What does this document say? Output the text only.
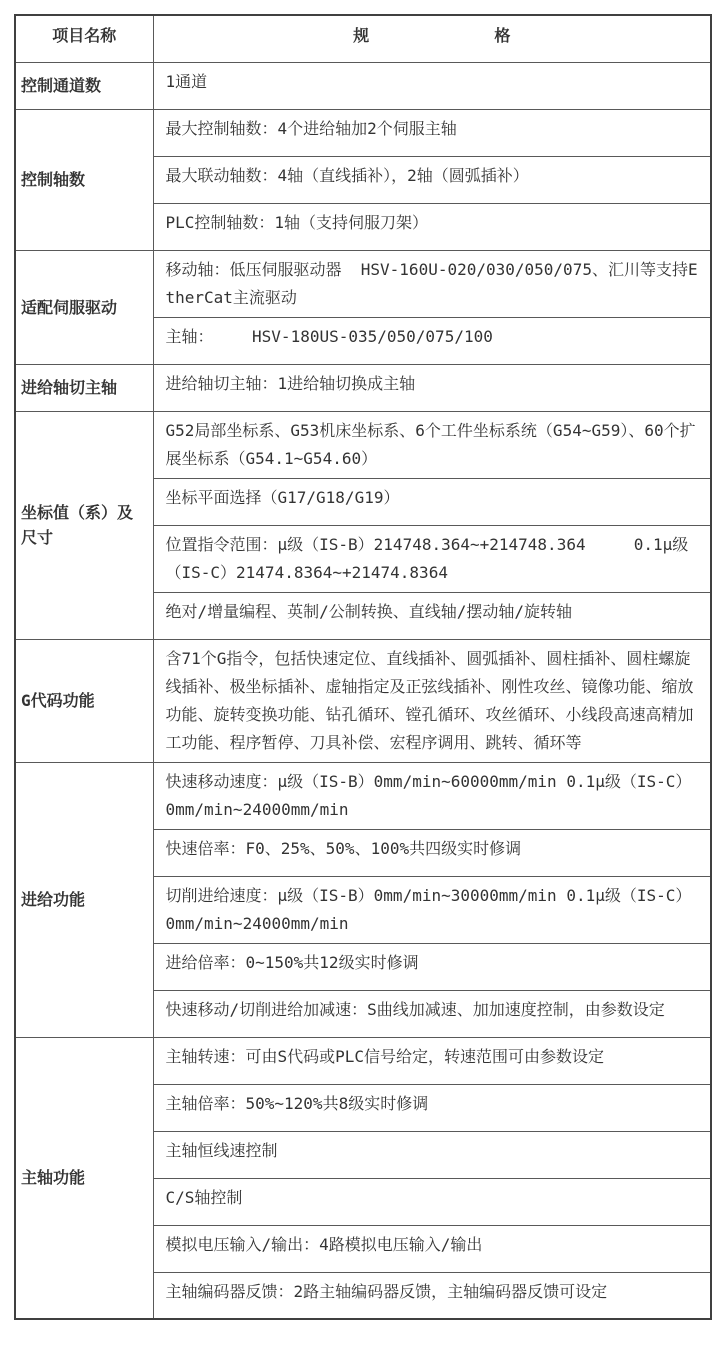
项目名称	规             格
控制通道数	1通道
控制轴数	最大控制轴数：4个进给轴加2个伺服主轴
	最大联动轴数：4轴（直线插补），2轴（圆弧插补）
	PLC控制轴数：1轴（支持伺服刀架）
适配伺服驱动	移动轴：低压伺服驱动器  HSV-160U-020/030/050/075、汇川等支持EtherCat主流驱动
	主轴：    HSV-180US-035/050/075/100
进给轴切主轴	进给轴切主轴：1进给轴切换成主轴
坐标值（系）及尺寸	G52局部坐标系、G53机床坐标系、6个工件坐标系统（G54~G59）、60个扩展坐标系（G54.1~G54.60）
	坐标平面选择（G17/G18/G19）
	位置指令范围：μ级（IS-B）214748.364~+214748.364     0.1μ级（IS-C）21474.8364~+21474.8364
	绝对/增量编程、英制/公制转换、直线轴/摆动轴/旋转轴
G代码功能	含71个G指令，包括快速定位、直线插补、圆弧插补、圆柱插补、圆柱螺旋线插补、极坐标插补、虚轴指定及正弦线插补、刚性攻丝、镜像功能、缩放功能、旋转变换功能、钻孔循环、镗孔循环、攻丝循环、小线段高速高精加工功能、程序暂停、刀具补偿、宏程序调用、跳转、循环等
进给功能	快速移动速度：μ级（IS-B）0mm/min~60000mm/min 0.1μ级（IS-C）0mm/min~24000mm/min
	快速倍率：F0、25%、50%、100%共四级实时修调
	切削进给速度：μ级（IS-B）0mm/min~30000mm/min 0.1μ级（IS-C）0mm/min~24000mm/min
	进给倍率：0~150%共12级实时修调
	快速移动/切削进给加减速：S曲线加减速、加加速度控制，由参数设定
主轴功能	主轴转速：可由S代码或PLC信号给定，转速范围可由参数设定
	主轴倍率：50%~120%共8级实时修调
	主轴恒线速控制
	C/S轴控制
	模拟电压输入/输出：4路模拟电压输入/输出
	主轴编码器反馈：2路主轴编码器反馈，主轴编码器反馈可设定
